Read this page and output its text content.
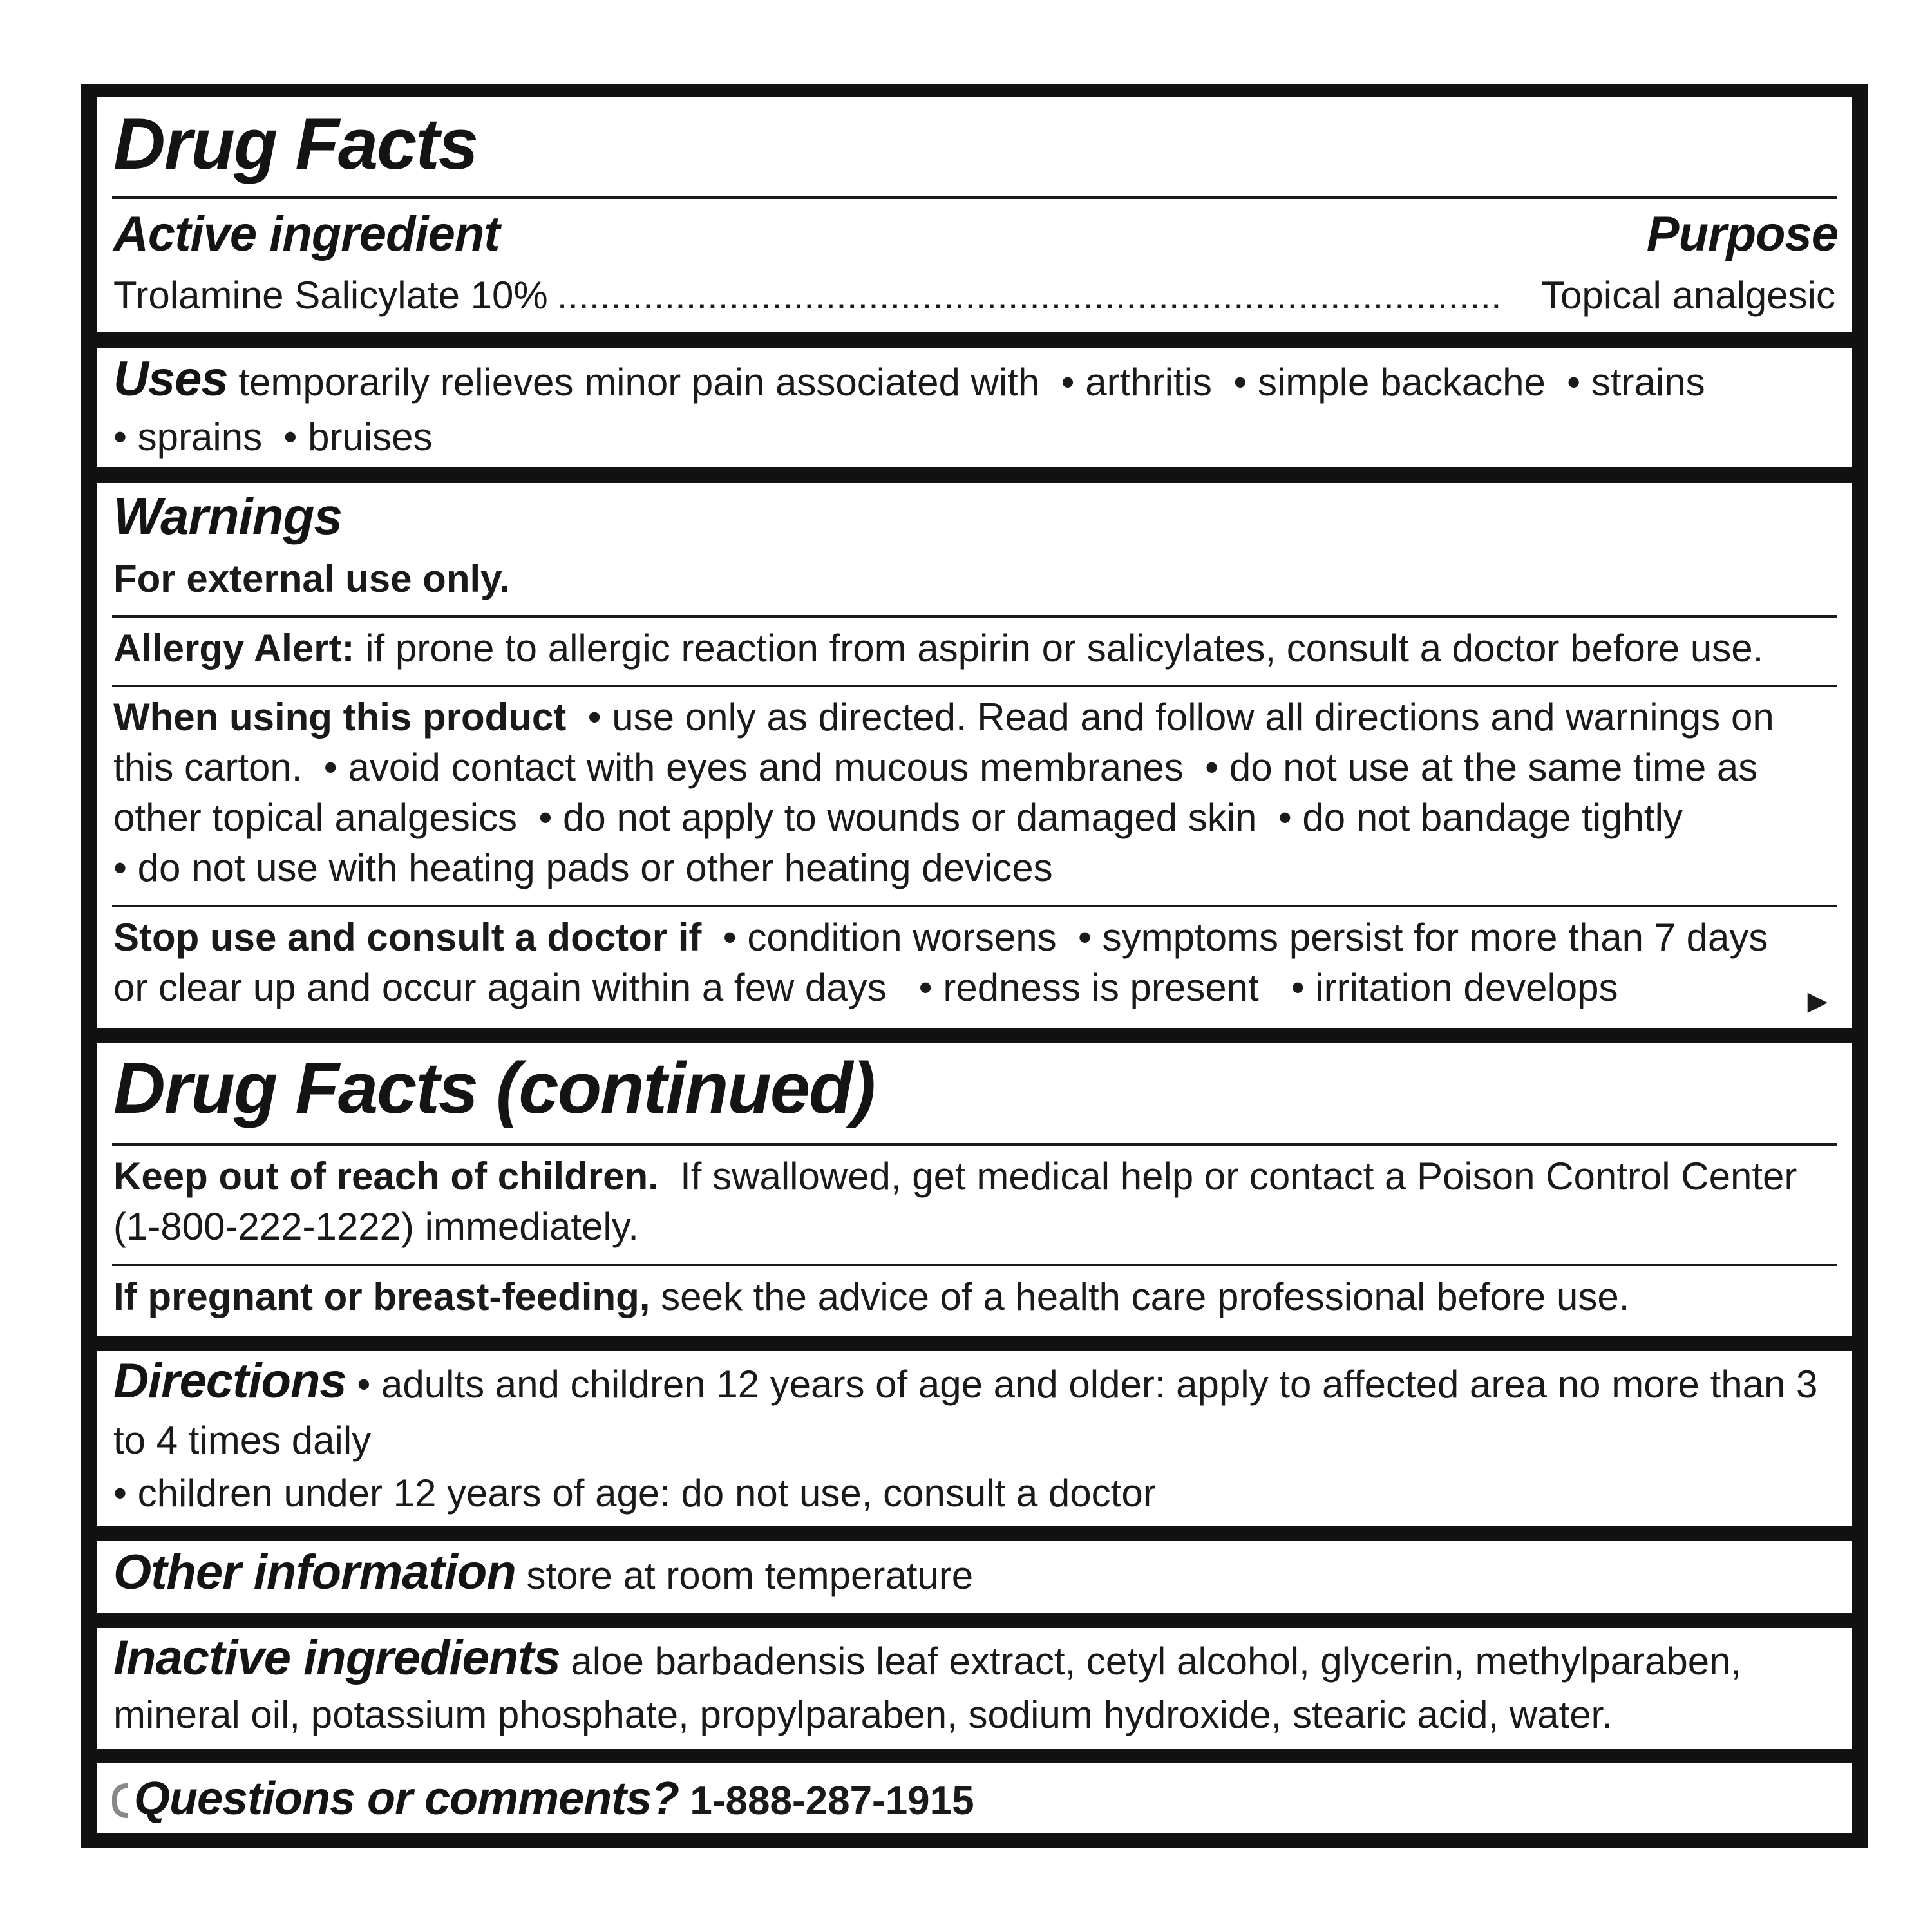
Drug Facts
Active ingredient	Purpose
Trolamine Salicylate 10% ........................................................................................	Topical analgesic
Uses temporarily relieves minor pain associated with  • arthritis  • simple backache  • strains
• sprains  • bruises
Warnings
For external use only.
Allergy Alert: if prone to allergic reaction from aspirin or salicylates, consult a doctor before use.
When using this product  • use only as directed. Read and follow all directions and warnings on
this carton.  • avoid contact with eyes and mucous membranes  • do not use at the same time as
other topical analgesics  • do not apply to wounds or damaged skin  • do not bandage tightly
• do not use with heating pads or other heating devices
Stop use and consult a doctor if  • condition worsens  • symptoms persist for more than 7 days
or clear up and occur again within a few days   • redness is present   • irritation develops	►
Drug Facts (continued)
Keep out of reach of children.  If swallowed, get medical help or contact a Poison Control Center
(1-800-222-1222) immediately.
If pregnant or breast-feeding, seek the advice of a health care professional before use.
Directions • adults and children 12 years of age and older: apply to affected area no more than 3
to 4 times daily
• children under 12 years of age: do not use, consult a doctor
Other information store at room temperature
Inactive ingredients aloe barbadensis leaf extract, cetyl alcohol, glycerin, methylparaben,
mineral oil, potassium phosphate, propylparaben, sodium hydroxide, stearic acid, water.
Questions or comments? 1-888-287-1915
